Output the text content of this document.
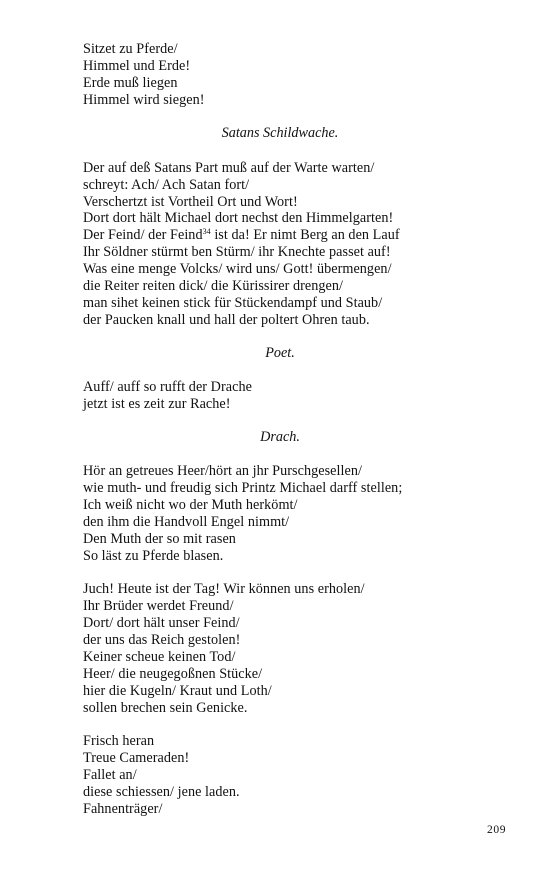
Sitzet zu Pferde/
Himmel und Erde!
Erde muß liegen
Himmel wird siegen!
Satans Schildwache.
Der auf deß Satans Part muß auf der Warte warten/
schreyt: Ach/ Ach Satan fort/
Verschertzt ist Vortheil Ort und Wort!
Dort dort hält Michael dort nechst den Himmelgarten!
Der Feind/ der Feind$^{34}$ ist da! Er nimt Berg an den Lauf
Ihr Söldner stürmt ben Stürm/ ihr Knechte passet auf!
Was eine menge Volcks/ wird uns/ Gott! übermengen/
die Reiter reiten dick/ die Kürissirer drengen/
man sihet keinen stick für Stückendampf und Staub/
der Paucken knall und hall der poltert Ohren taub.
Poet.
Auff/ auff so rufft der Drache
jetzt ist es zeit zur Rache!
Drach.
Hör an getreues Heer/hört an jhr Purschgesellen/
wie muth- und freudig sich Printz Michael darff stellen;
Ich weiß nicht wo der Muth herkömt/
den ihm die Handvoll Engel nimmt/
Den Muth der so mit rasen
So läst zu Pferde blasen.
Juch! Heute ist der Tag! Wir können uns erholen/
Ihr Brüder werdet Freund/
Dort/ dort hält unser Feind/
der uns das Reich gestolen!
Keiner scheue keinen Tod/
Heer/ die neugegoßnen Stücke/
hier die Kugeln/ Kraut und Loth/
sollen brechen sein Genicke.
Frisch heran
Treue Cameraden!
Fallet an/
diese schiessen/ jene laden.
Fahnenträger/
209
